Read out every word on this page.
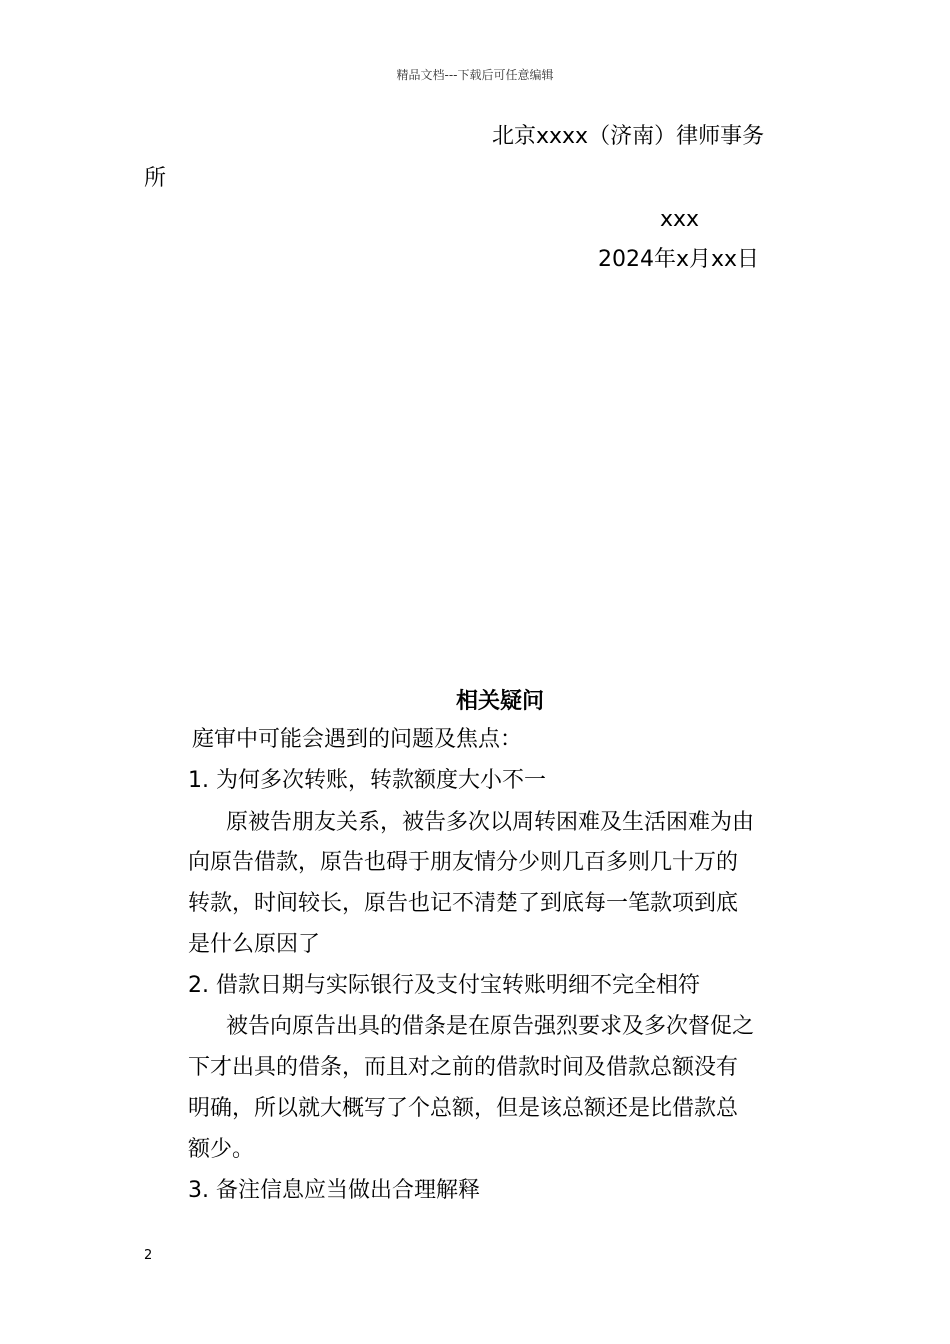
精品文档---下载后可任意编辑
北京xxxx（济南）律师事务
所
xxx
2024年x月xx日
相关疑问
庭审中可能会遇到的问题及焦点：
1. 为何多次转账，转款额度大小不一
原被告朋友关系，被告多次以周转困难及生活困难为由
向原告借款，原告也碍于朋友情分少则几百多则几十万的
转款，时间较长，原告也记不清楚了到底每一笔款项到底
是什么原因了
2. 借款日期与实际银行及支付宝转账明细不完全相符
被告向原告出具的借条是在原告强烈要求及多次督促之
下才出具的借条，而且对之前的借款时间及借款总额没有
明确，所以就大概写了个总额，但是该总额还是比借款总
额少。
3. 备注信息应当做出合理解释
2
